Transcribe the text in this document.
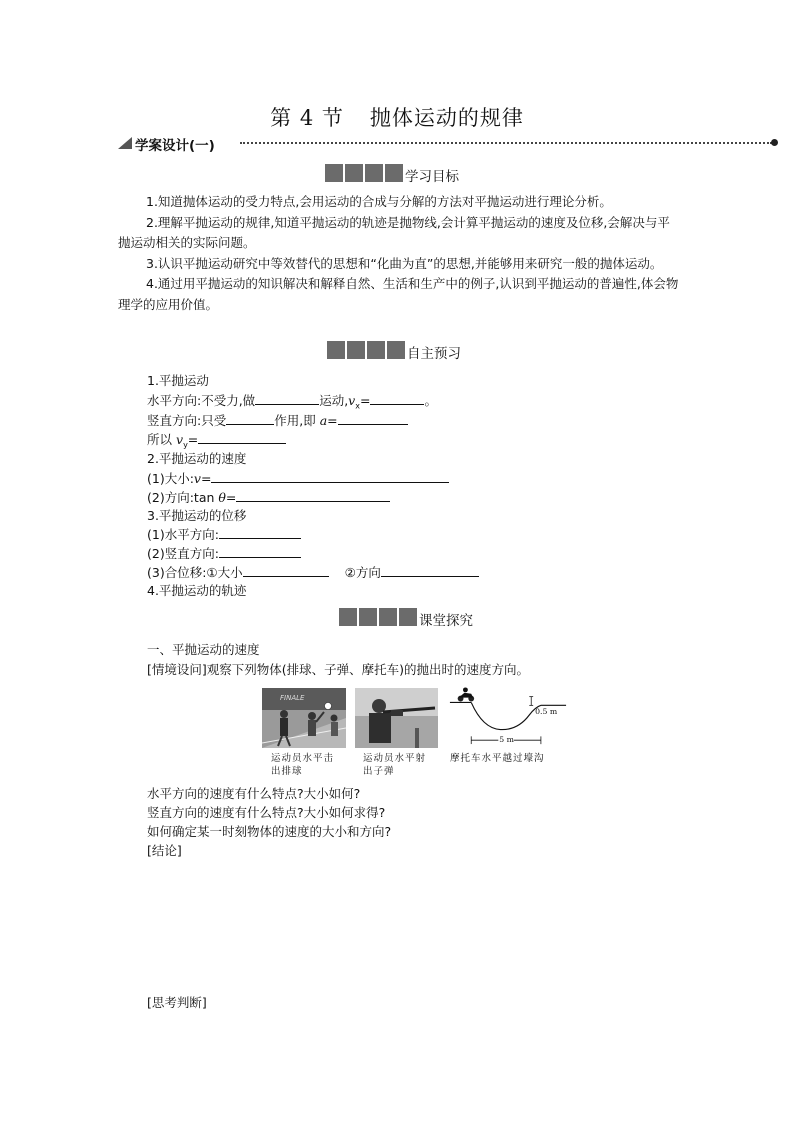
第 4 节 抛体运动的规律
学案设计(一)
学习目标

1.知道抛体运动的受力特点,会用运动的合成与分解的方法对平抛运动进行理论分析。

2.理解平抛运动的规律,知道平抛运动的轨迹是抛物线,会计算平抛运动的速度及位移,会解决与平抛运动相关的实际问题。

3.认识平抛运动研究中等效替代的思想和“化曲为直”的思想,并能够用来研究一般的抛体运动。

4.通过用平抛运动的知识解决和解释自然、生活和生产中的例子,认识到平抛运动的普遍性,体会物理学的应用价值。

自主预习
1.平抛运动
水平方向:不受力,做	运动$,v_x=$	。
竖直方向:只受	作用,即 a=
所以 $v_y=$
2.平抛运动的速度
(1)大小:v=
(2)方向:tan θ=
3.平抛运动的位移
(1)水平方向:
(2)竖直方向:
(3)合位移:①大小	②方向
4.平抛运动的轨迹
课堂探究
一、平抛运动的速度
[情境设问]观察下列物体(排球、子弹、摩托车)的抛出时的速度方向。
FINALE
0.5 m
5 m
运动员水平击
出排球
运动员水平射
出子弹
摩托车水平越过壕沟
水平方向的速度有什么特点?大小如何?
竖直方向的速度有什么特点?大小如何求得?
如何确定某一时刻物体的速度的大小和方向?
[结论]
[思考判断]
